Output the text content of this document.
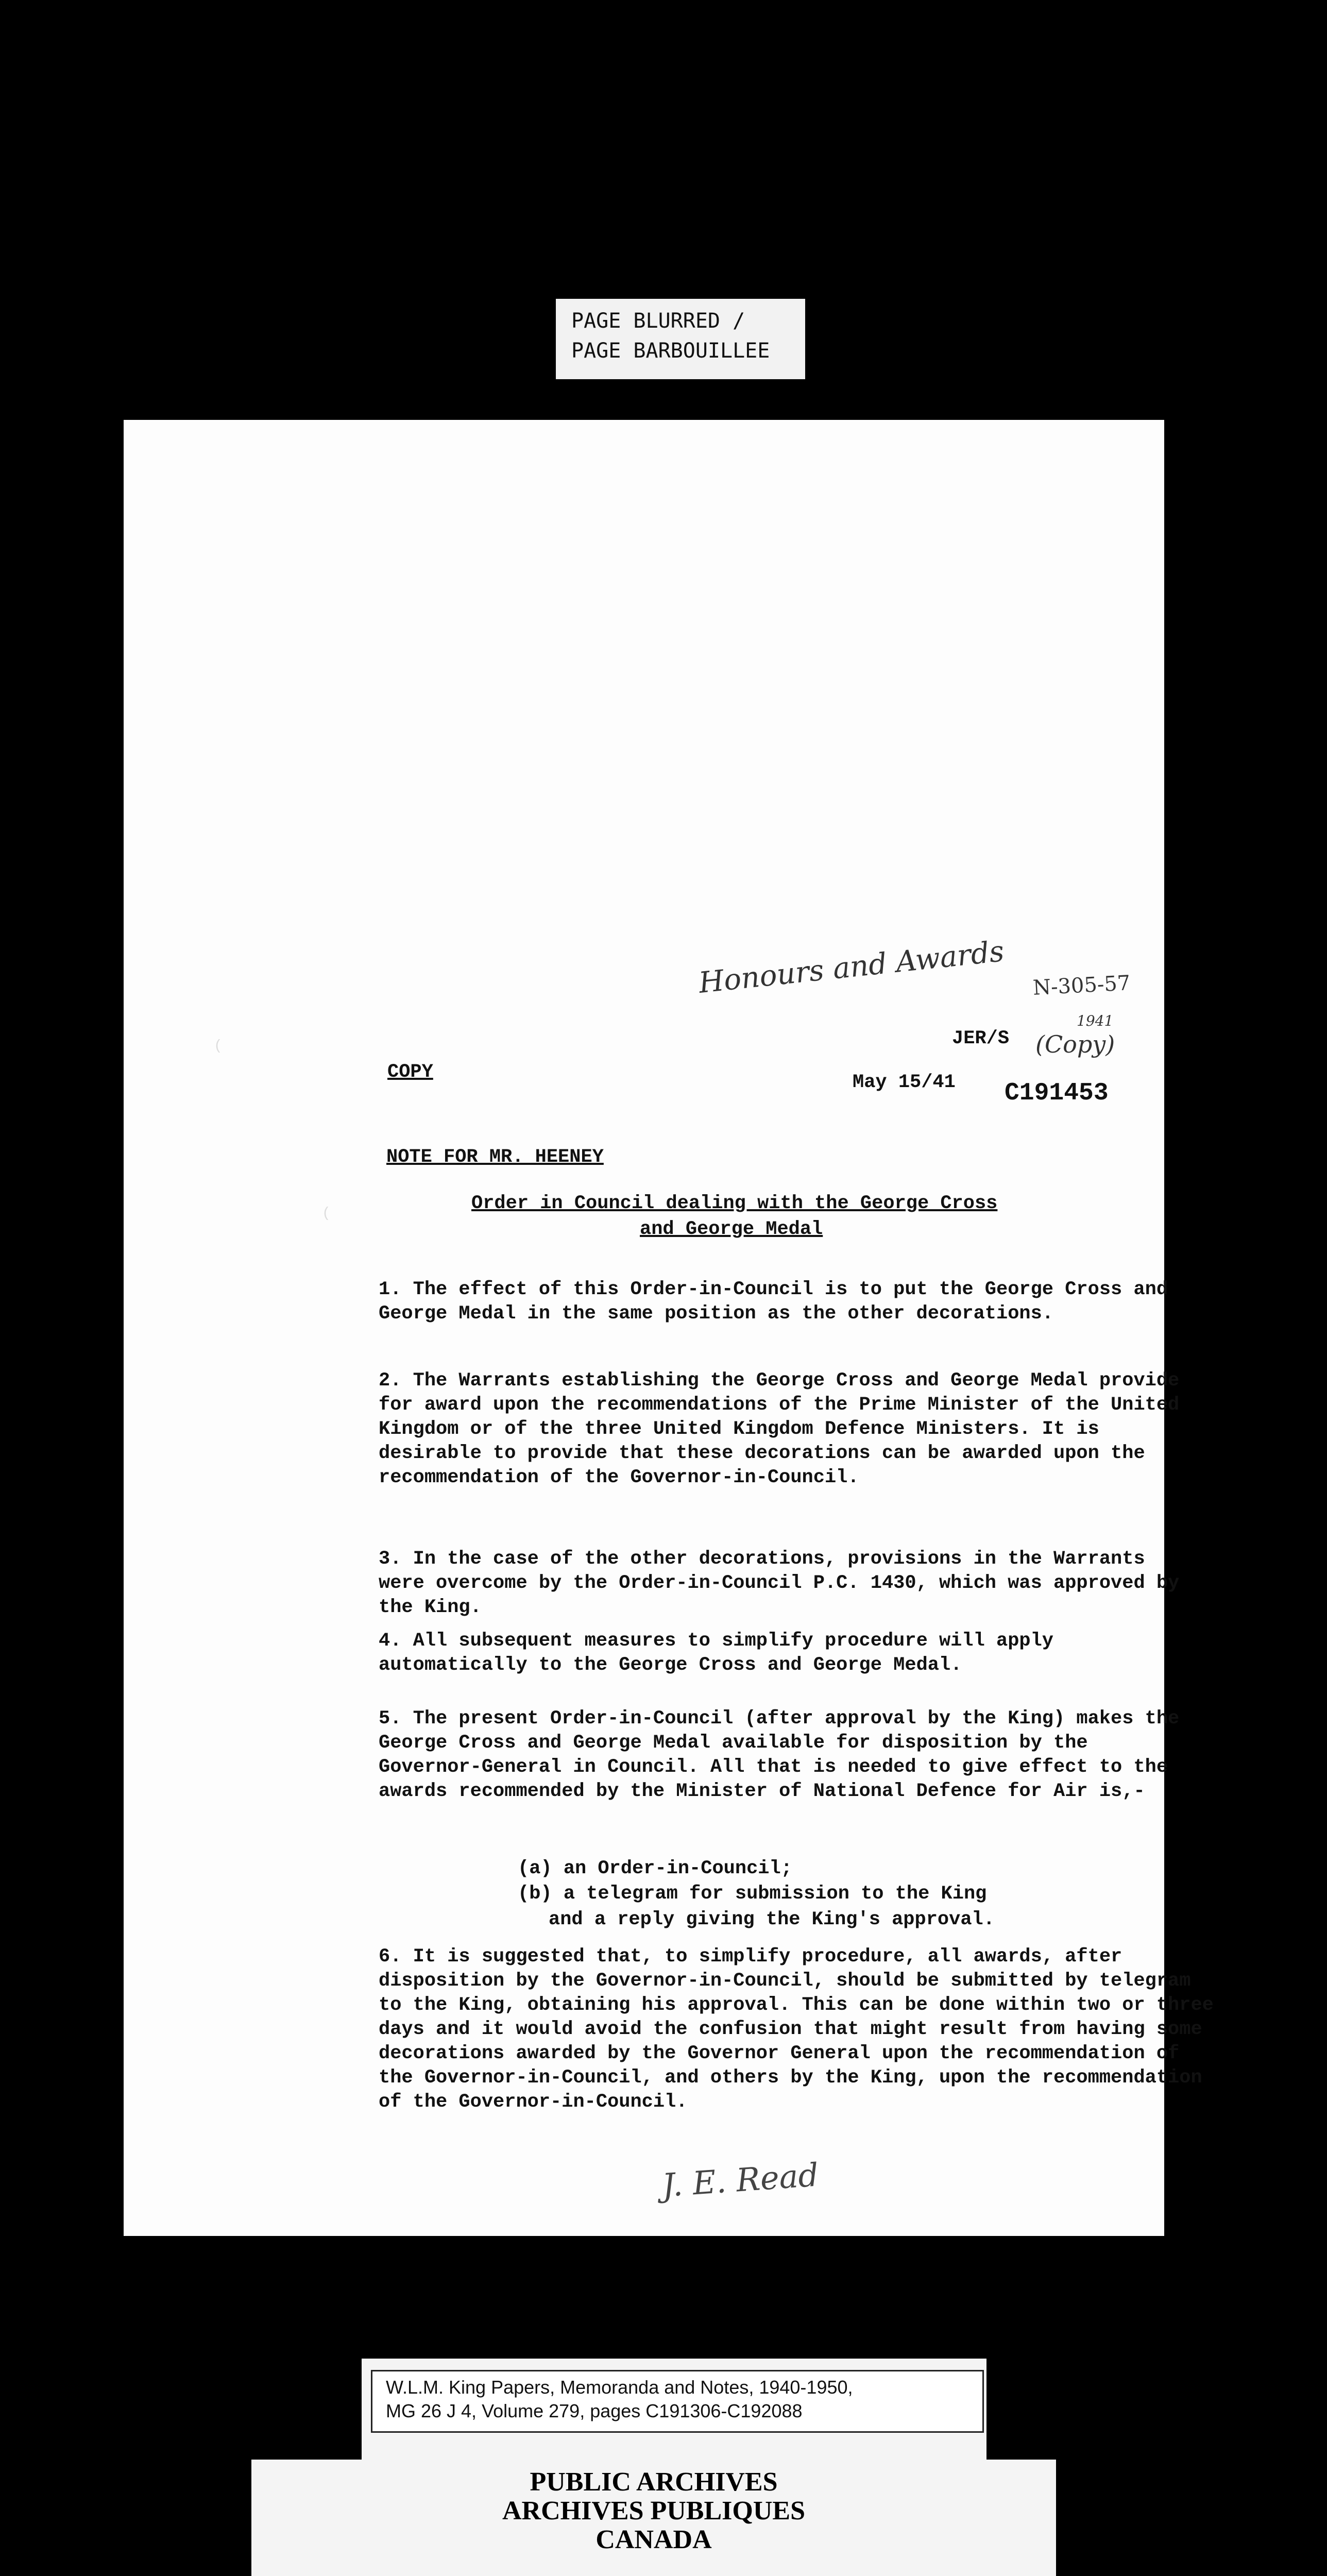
PAGE BLURRED /
PAGE BARBOUILLEE
Honours and Awards N-305-57
JER/S
1941
(Copy)
COPY	May 15/41 C191453
NOTE FOR MR. HEENEY
Order in Council dealing with the George Cross
and George Medal

1. The effect of this Order-in-Council is to put the George Cross and George Medal in the same position as the other decorations.

2. The Warrants establishing the George Cross and George Medal provide for award upon the recommendations of the Prime Minister of the United Kingdom or of the three United Kingdom Defence Ministers. It is desirable to provide that these decorations can be awarded upon the recommendation of the Governor-in-Council.

3. In the case of the other decorations, provisions in the Warrants were overcome by the Order-in-Council P.C. 1430, which was approved by the King.

4. All subsequent measures to simplify procedure will apply automatically to the George Cross and George Medal.

5. The present Order-in-Council (after approval by the King) makes the George Cross and George Medal available for disposition by the Governor-General in Council. All that is needed to give effect to the awards recommended by the Minister of National Defence for Air is,-

(a) an Order-in-Council;
(b) a telegram for submission to the King
and a reply giving the King's approval.

6. It is suggested that, to simplify procedure, all awards, after disposition by the Governor-in-Council, should be submitted by telegram to the King, obtaining his approval. This can be done within two or three days and it would avoid the confusion that might result from having some decorations awarded by the Governor General upon the recommendation of the Governor-in-Council, and others by the King, upon the recommendation of the Governor-in-Council.

J. E. Read
(
(
W.L.M. King Papers, Memoranda and Notes, 1940-1950,
MG 26 J 4, Volume 279, pages C191306-C192088
PUBLIC ARCHIVES
ARCHIVES PUBLIQUES
CANADA
